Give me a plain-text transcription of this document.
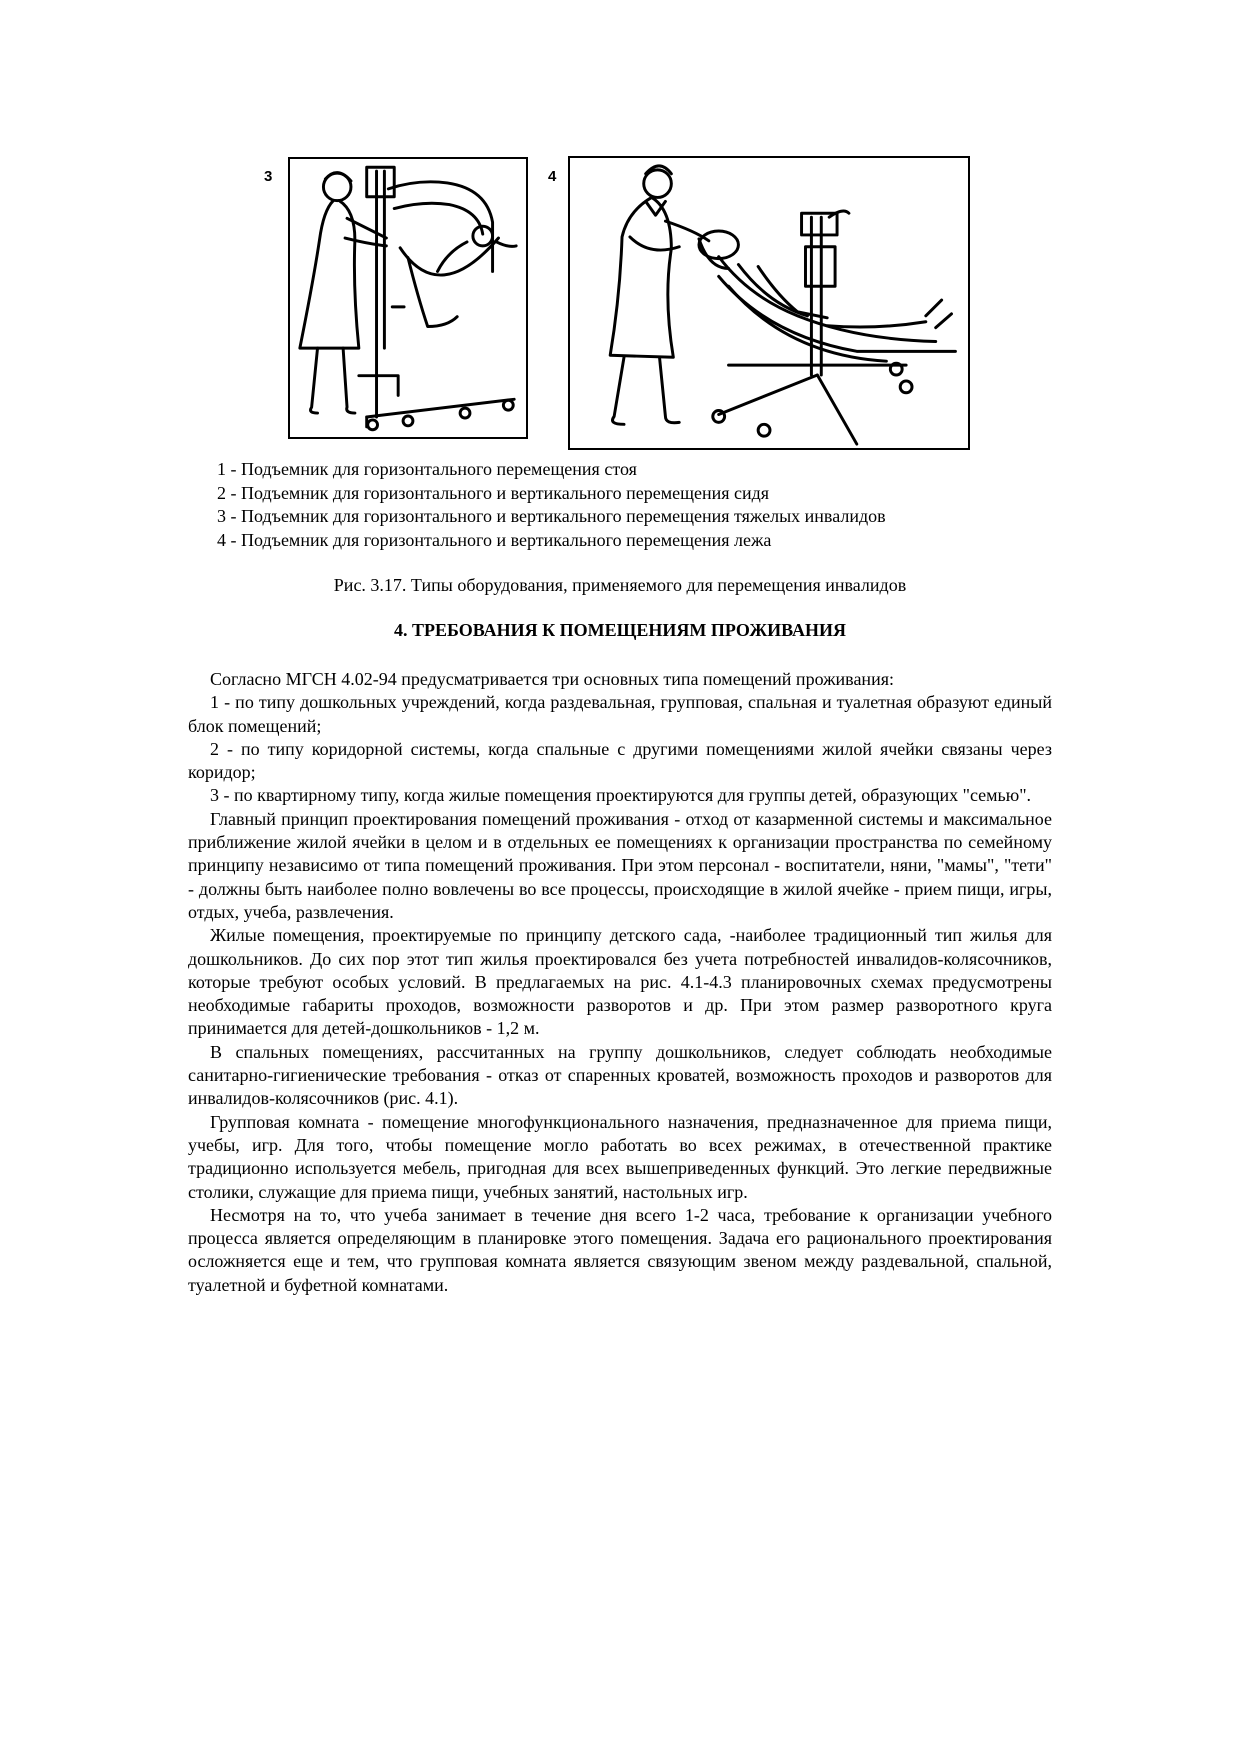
3	4
1 - Подъемник для горизонтального перемещения стоя
2 - Подъемник для горизонтального и вертикального перемещения сидя
3 - Подъемник для горизонтального и вертикального перемещения тяжелых инвалидов
4 - Подъемник для горизонтального и вертикального перемещения лежа
Рис. 3.17. Типы оборудования, применяемого для перемещения инвалидов
4. ТРЕБОВАНИЯ К ПОМЕЩЕНИЯМ ПРОЖИВАНИЯ

Согласно МГСН 4.02-94 предусматривается три основных типа помещений проживания:

1 - по типу дошкольных учреждений, когда раздевальная, групповая, спальная и туалетная образуют единый блок помещений;

2 - по типу коридорной системы, когда спальные с другими помещениями жилой ячейки связаны через коридор;

3 - по квартирному типу, когда жилые помещения проектируются для группы детей, образующих "семью".

Главный принцип проектирования помещений проживания - отход от казарменной системы и максимальное приближение жилой ячейки в целом и в отдельных ее помещениях к организации пространства по семейному принципу независимо от типа помещений проживания. При этом персонал - воспитатели, няни, "мамы", "тети" - должны быть наиболее полно вовлечены во все процессы, происходящие в жилой ячейке - прием пищи, игры, отдых, учеба, развлечения.

Жилые помещения, проектируемые по принципу детского сада, -наиболее традиционный тип жилья для дошкольников. До сих пор этот тип жилья проектировался без учета потребностей инвалидов-колясочников, которые требуют особых условий. В предлагаемых на рис. 4.1-4.3 планировочных схемах предусмотрены необходимые габариты проходов, возможности разворотов и др. При этом размер разворотного круга принимается для детей-дошкольников - 1,2 м.

В спальных помещениях, рассчитанных на группу дошкольников, следует соблюдать необходимые санитарно-гигиенические требования - отказ от спаренных кроватей, возможность проходов и разворотов для инвалидов-колясочников (рис. 4.1).

Групповая комната - помещение многофункционального назначения, предназначенное для приема пищи, учебы, игр. Для того, чтобы помещение могло работать во всех режимах, в отечественной практике традиционно используется мебель, пригодная для всех вышеприведенных функций. Это легкие передвижные столики, служащие для приема пищи, учебных занятий, настольных игр.

Несмотря на то, что учеба занимает в течение дня всего 1-2 часа, требование к организации учебного процесса является определяющим в планировке этого помещения. Задача его рационального проектирования осложняется еще и тем, что групповая комната является связующим звеном между раздевальной, спальной, туалетной и буфетной комнатами.
